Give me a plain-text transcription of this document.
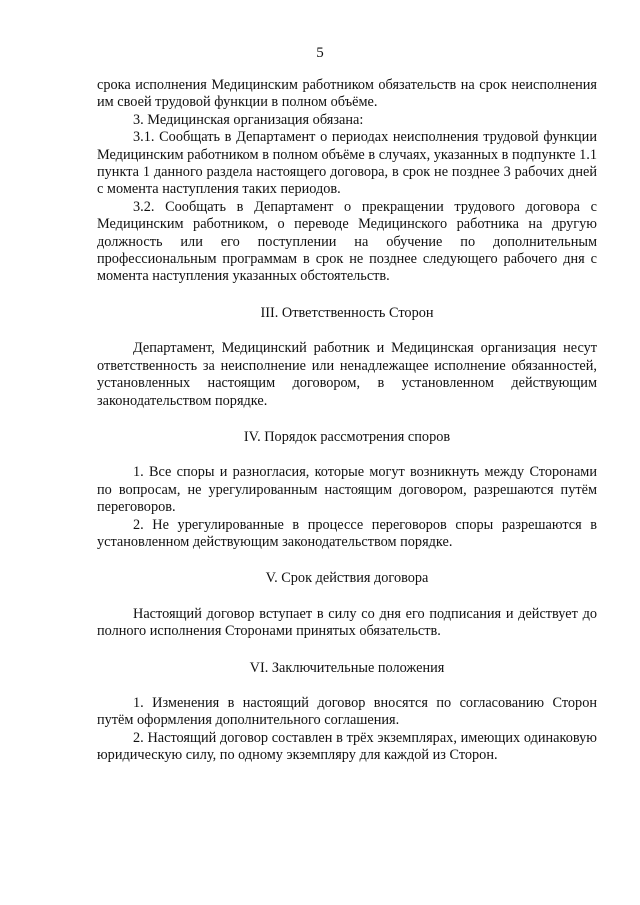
5

срока исполнения Медицинским работником обязательств на срок неисполнения им своей трудовой функции в полном объёме.

3. Медицинская организация обязана:

3.1. Сообщать в Департамент о периодах неисполнения трудовой функции Медицинским работником в полном объёме в случаях, указанных в подпункте 1.1 пункта 1 данного раздела настоящего договора, в срок не позднее 3 рабочих дней с момента наступления таких периодов.

3.2. Сообщать в Департамент о прекращении трудового договора с Медицинским работником, о переводе Медицинского работника на другую должность или его поступлении на обучение по дополнительным профессиональным программам в срок не позднее следующего рабочего дня с момента наступления указанных обстоятельств.

III. Ответственность Сторон

Департамент, Медицинский работник и Медицинская организация несут ответственность за неисполнение или ненадлежащее исполнение обязанностей, установленных настоящим договором, в установленном действующим законодательством порядке.

IV. Порядок рассмотрения споров

1. Все споры и разногласия, которые могут возникнуть между Сторонами по вопросам, не урегулированным настоящим договором, разрешаются путём переговоров.

2. Не урегулированные в процессе переговоров споры разрешаются в установленном действующим законодательством порядке.

V. Срок действия договора

Настоящий договор вступает в силу со дня его подписания и действует до полного исполнения Сторонами принятых обязательств.

VI. Заключительные положения

1. Изменения в настоящий договор вносятся по согласованию Сторон путём оформления дополнительного соглашения.

2. Настоящий договор составлен в трёх экземплярах, имеющих одинаковую юридическую силу, по одному экземпляру для каждой из Сторон.
